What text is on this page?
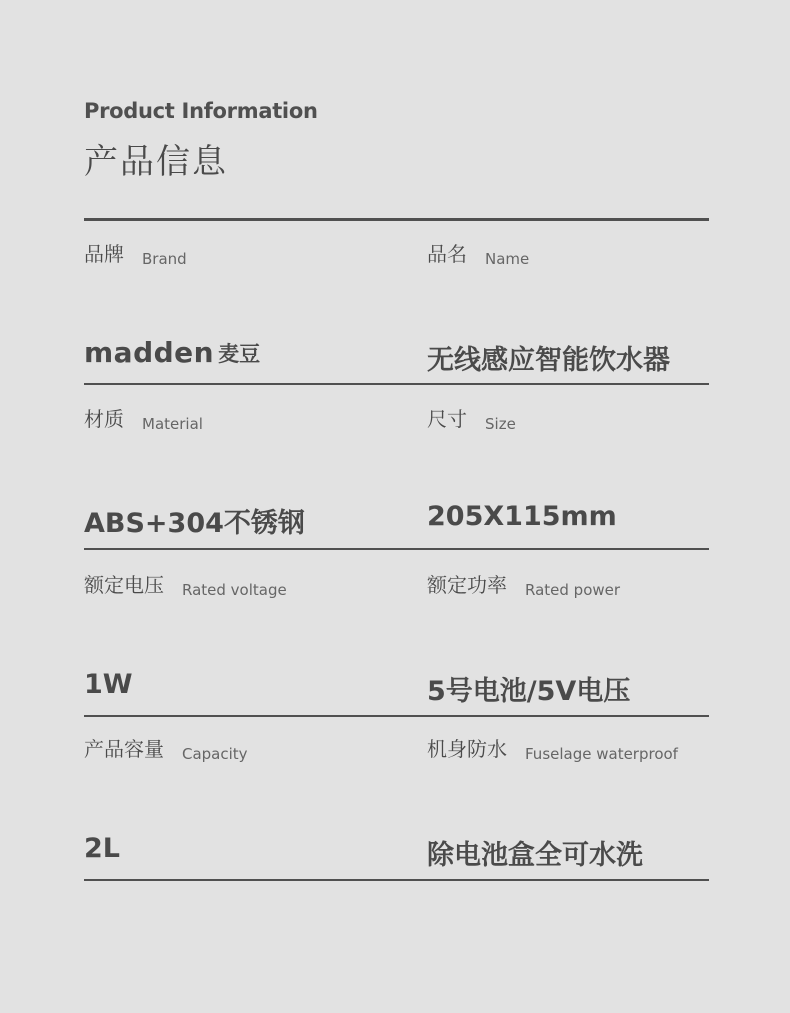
Product Information
产品信息
品牌 Brand	品名 Name
madden 麦豆	无线感应智能饮水器
材质 Material	尺寸 Size
ABS+304不锈钢	205X115mm
额定电压 Rated voltage	额定功率 Rated power
1W	5号电池/5V电压
产品容量 Capacity	机身防水 Fuselage waterproof
2L	除电池盒全可水洗
